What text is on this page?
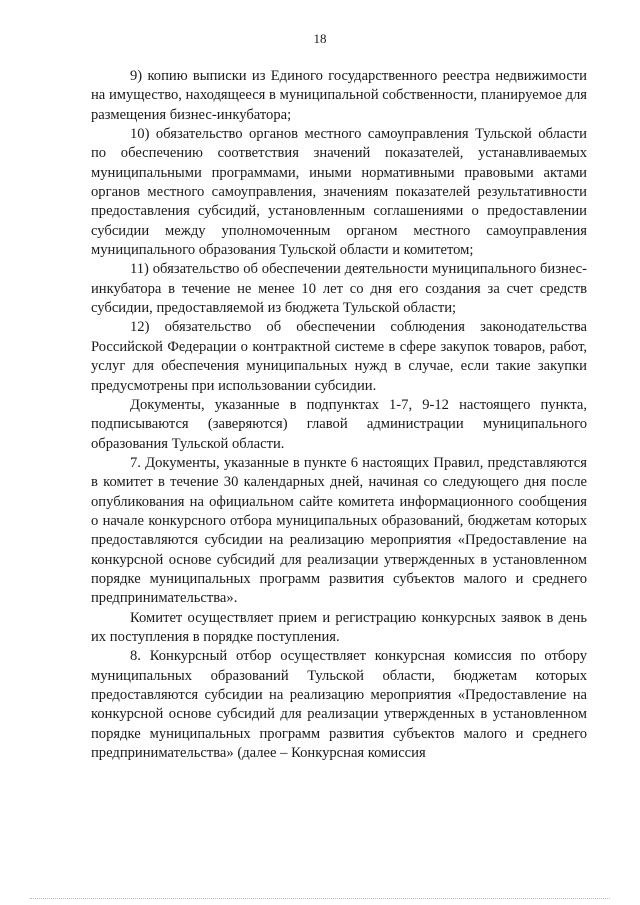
18

9) копию выписки из Единого государственного реестра недвижимости на имущество, находящееся в муниципальной собственности, планируемое для размещения бизнес-инкубатора;

10) обязательство органов местного самоуправления Тульской области по обеспечению соответствия значений показателей, устанавливаемых муниципальными программами, иными нормативными правовыми актами органов местного самоуправления, значениям показателей результативности предоставления субсидий, установленным соглашениями о предоставлении субсидии между уполномоченным органом местного самоуправления муниципального образования Тульской области и комитетом;

11) обязательство об обеспечении деятельности муниципального бизнес-инкубатора в течение не менее 10 лет со дня его создания за счет средств субсидии, предоставляемой из бюджета Тульской области;

12) обязательство об обеспечении соблюдения законодательства Российской Федерации о контрактной системе в сфере закупок товаров, работ, услуг для обеспечения муниципальных нужд в случае, если такие закупки предусмотрены при использовании субсидии.

Документы, указанные в подпунктах 1-7, 9-12 настоящего пункта, подписываются (заверяются) главой администрации муниципального образования Тульской области.

7. Документы, указанные в пункте 6 настоящих Правил, представляются в комитет в течение 30 календарных дней, начиная со следующего дня после опубликования на официальном сайте комитета информационного сообщения о начале конкурсного отбора муниципальных образований, бюджетам которых предоставляются субсидии на реализацию мероприятия «Предоставление на конкурсной основе субсидий для реализации утвержденных в установленном порядке муниципальных программ развития субъектов малого и среднего предпринимательства».

Комитет осуществляет прием и регистрацию конкурсных заявок в день их поступления в порядке поступления.

8. Конкурсный отбор осуществляет конкурсная комиссия по отбору муниципальных образований Тульской области, бюджетам которых предоставляются субсидии на реализацию мероприятия «Предоставление на конкурсной основе субсидий для реализации утвержденных в установленном порядке муниципальных программ развития субъектов малого и среднего предпринимательства» (далее – Конкурсная комиссия
